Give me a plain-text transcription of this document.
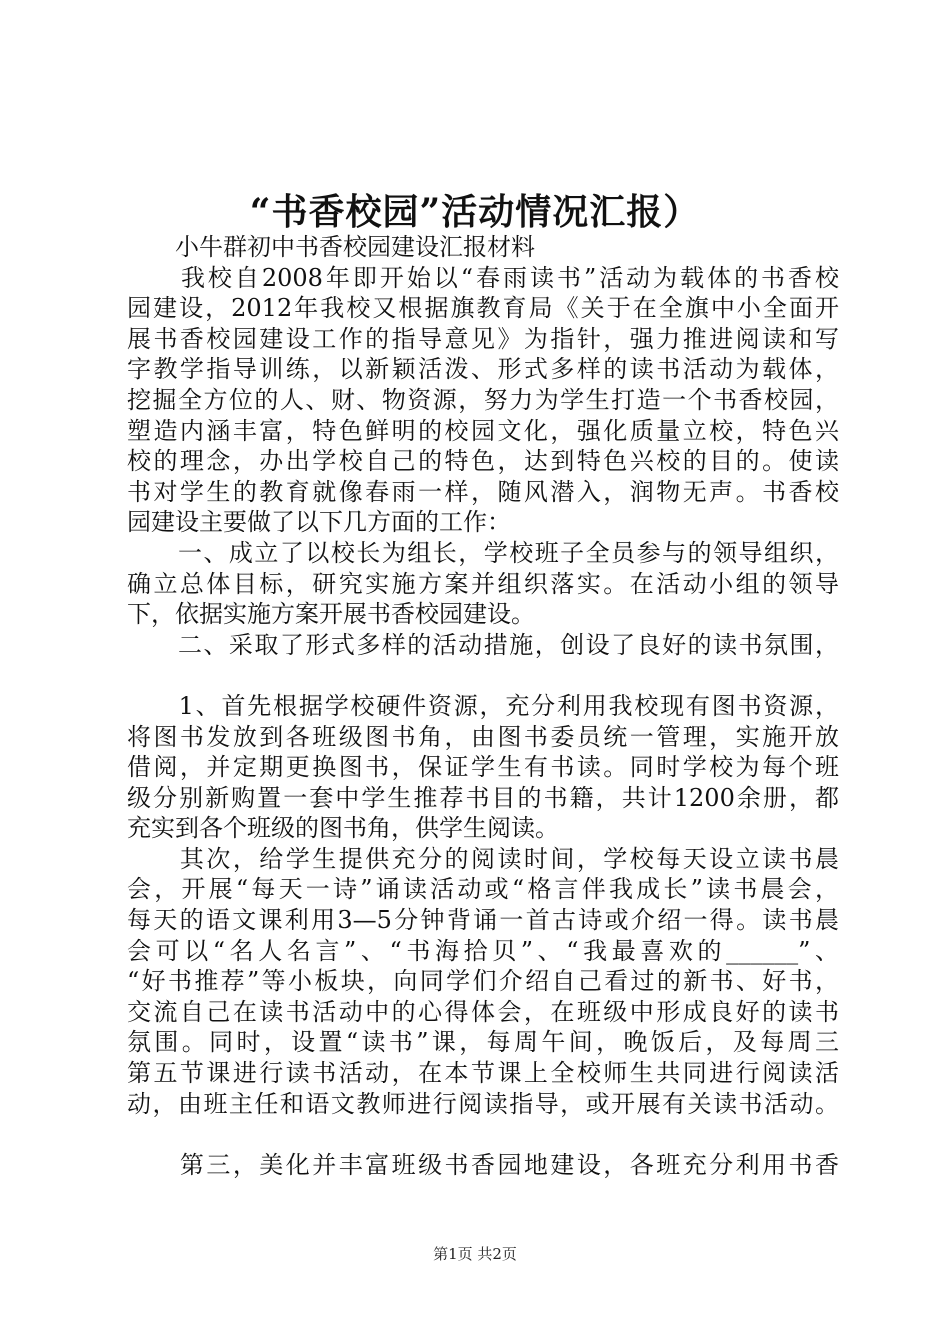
“书香校园”活动情况汇报）
　　小牛群初中书香校园建设汇报材料
　　我校自2008年即开始以“春雨读书”活动为载体的书香校
园建设，2012年我校又根据旗教育局《关于在全旗中小全面开
展书香校园建设工作的指导意见》为指针，强力推进阅读和写
字教学指导训练，以新颖活泼、形式多样的读书活动为载体，
挖掘全方位的人、财、物资源，努力为学生打造一个书香校园，
塑造内涵丰富，特色鲜明的校园文化，强化质量立校，特色兴
校的理念，办出学校自己的特色，达到特色兴校的目的。使读
书对学生的教育就像春雨一样，随风潜入，润物无声。书香校
园建设主要做了以下几方面的工作：
　　一、成立了以校长为组长，学校班子全员参与的领导组织，
确立总体目标，研究实施方案并组织落实。在活动小组的领导
下，依据实施方案开展书香校园建设。
　　二、采取了形式多样的活动措施，创设了良好的读书氛围，
　　1、首先根据学校硬件资源，充分利用我校现有图书资源，
将图书发放到各班级图书角，由图书委员统一管理，实施开放
借阅，并定期更换图书，保证学生有书读。同时学校为每个班
级分别新购置一套中学生推荐书目的书籍，共计1200余册，都
充实到各个班级的图书角，供学生阅读。
　　其次，给学生提供充分的阅读时间，学校每天设立读书晨
会，开展“每天一诗”诵读活动或“格言伴我成长”读书晨会，
每天的语文课利用3—5分钟背诵一首古诗或介绍一得。读书晨
会可以“名人名言”、“书海拾贝”、“我最喜欢的______”、
“好书推荐”等小板块，向同学们介绍自己看过的新书、好书，
交流自己在读书活动中的心得体会，在班级中形成良好的读书
氛围。同时，设置“读书”课，每周午间，晚饭后，及每周三
第五节课进行读书活动，在本节课上全校师生共同进行阅读活
动，由班主任和语文教师进行阅读指导，或开展有关读书活动。
　　第三，美化并丰富班级书香园地建设，各班充分利用书香
第1页 共2页
